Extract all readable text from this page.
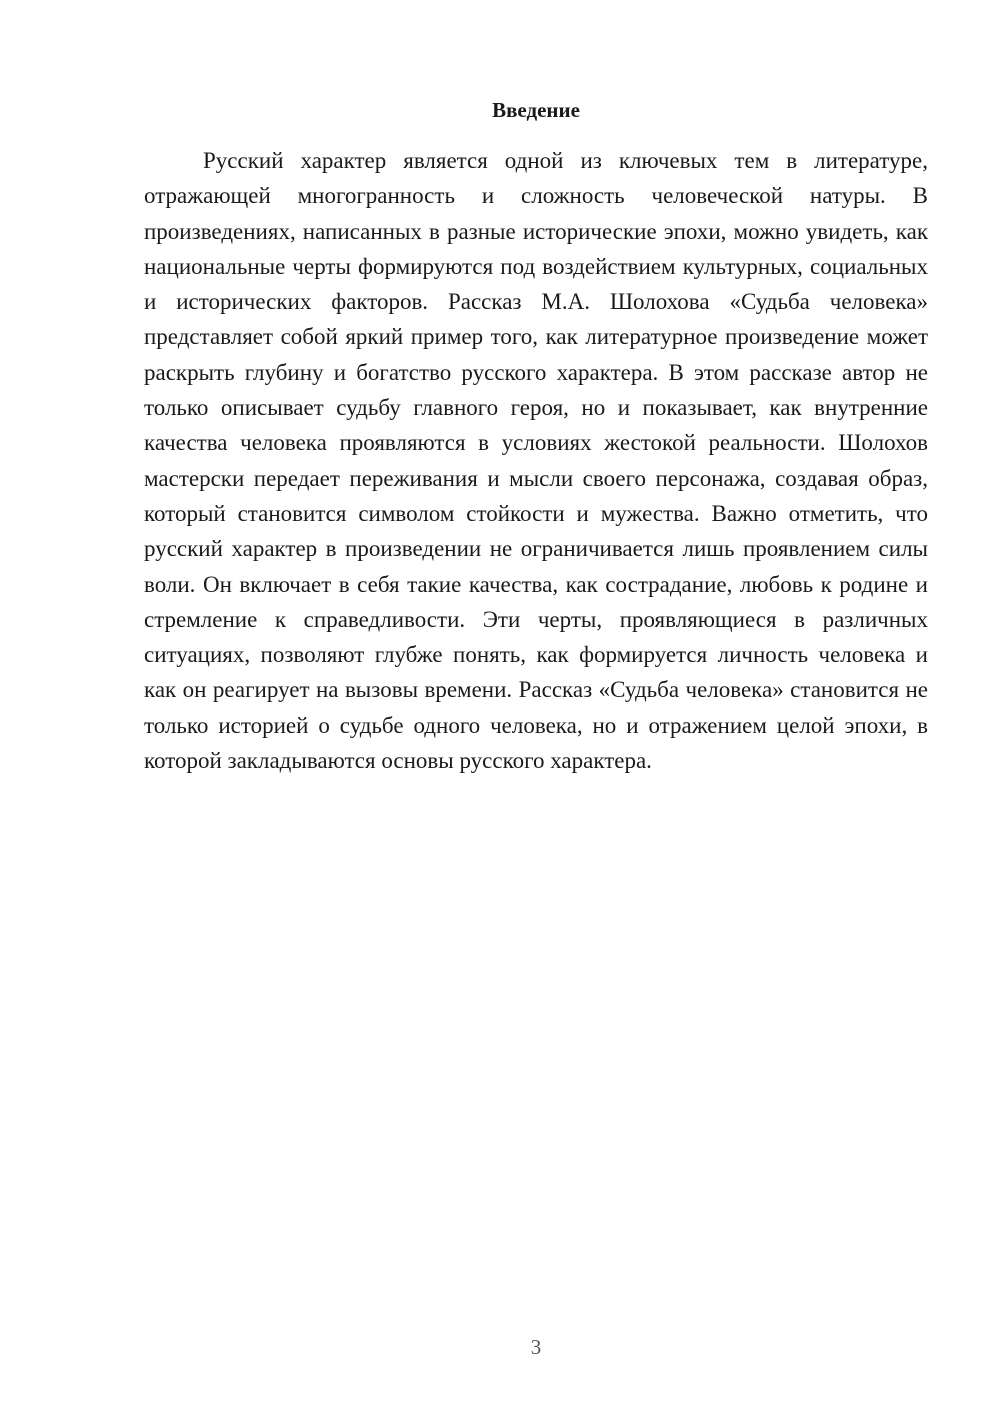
Введение

Русский характер является одной из ключевых тем в литературе, отражающей многогранность и сложность человеческой натуры. В произведениях, написанных в разные исторические эпохи, можно увидеть, как национальные черты формируются под воздействием культурных, социальных и исторических факторов. Рассказ М.А. Шолохова «Судьба человека» представляет собой яркий пример того, как литературное произведение может раскрыть глубину и богатство русского характера. В этом рассказе автор не только описывает судьбу главного героя, но и показывает, как внутренние качества человека проявляются в условиях жестокой реальности. Шолохов мастерски передает переживания и мысли своего персонажа, создавая образ, который становится символом стойкости и мужества. Важно отметить, что русский характер в произведении не ограничивается лишь проявлением силы воли. Он включает в себя такие качества, как сострадание, любовь к родине и стремление к справедливости. Эти черты, проявляющиеся в различных ситуациях, позволяют глубже понять, как формируется личность человека и как он реагирует на вызовы времени. Рассказ «Судьба человека» становится не только историей о судьбе одного человека, но и отражением целой эпохи, в которой закладываются основы русского характера.

3
